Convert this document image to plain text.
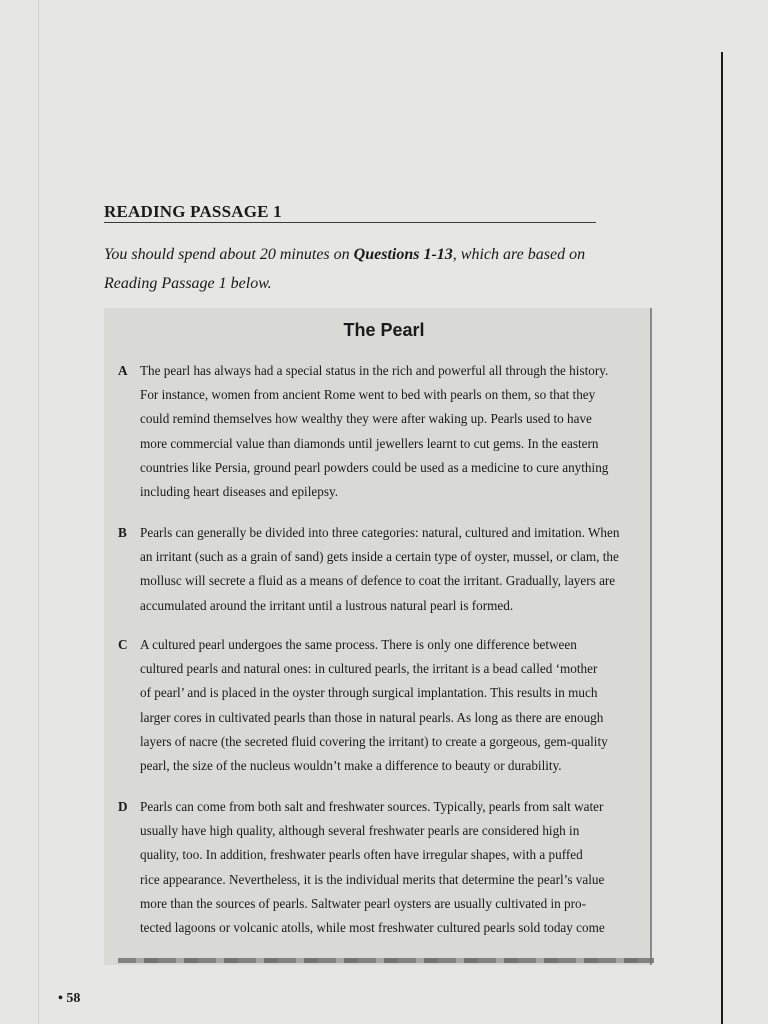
READING PASSAGE 1
You should spend about 20 minutes on Questions 1-13, which are based on
Reading Passage 1 below.
The Pearl
A The pearl has always had a special status in the rich and powerful all through the history.
For instance, women from ancient Rome went to bed with pearls on them, so that they
could remind themselves how wealthy they were after waking up. Pearls used to have
more commercial value than diamonds until jewellers learnt to cut gems. In the eastern
countries like Persia, ground pearl powders could be used as a medicine to cure anything
including heart diseases and epilepsy.
B Pearls can generally be divided into three categories: natural, cultured and imitation. When
an irritant (such as a grain of sand) gets inside a certain type of oyster, mussel, or clam, the
mollusc will secrete a fluid as a means of defence to coat the irritant. Gradually, layers are
accumulated around the irritant until a lustrous natural pearl is formed.
C A cultured pearl undergoes the same process. There is only one difference between
cultured pearls and natural ones: in cultured pearls, the irritant is a bead called ‘mother
of pearl’ and is placed in the oyster through surgical implantation. This results in much
larger cores in cultivated pearls than those in natural pearls. As long as there are enough
layers of nacre (the secreted fluid covering the irritant) to create a gorgeous, gem-quality
pearl, the size of the nucleus wouldn’t make a difference to beauty or durability.
D Pearls can come from both salt and freshwater sources. Typically, pearls from salt water
usually have high quality, although several freshwater pearls are considered high in
quality, too. In addition, freshwater pearls often have irregular shapes, with a puffed
rice appearance. Nevertheless, it is the individual merits that determine the pearl’s value
more than the sources of pearls. Saltwater pearl oysters are usually cultivated in pro-
tected lagoons or volcanic atolls, while most freshwater cultured pearls sold today come
• 58
